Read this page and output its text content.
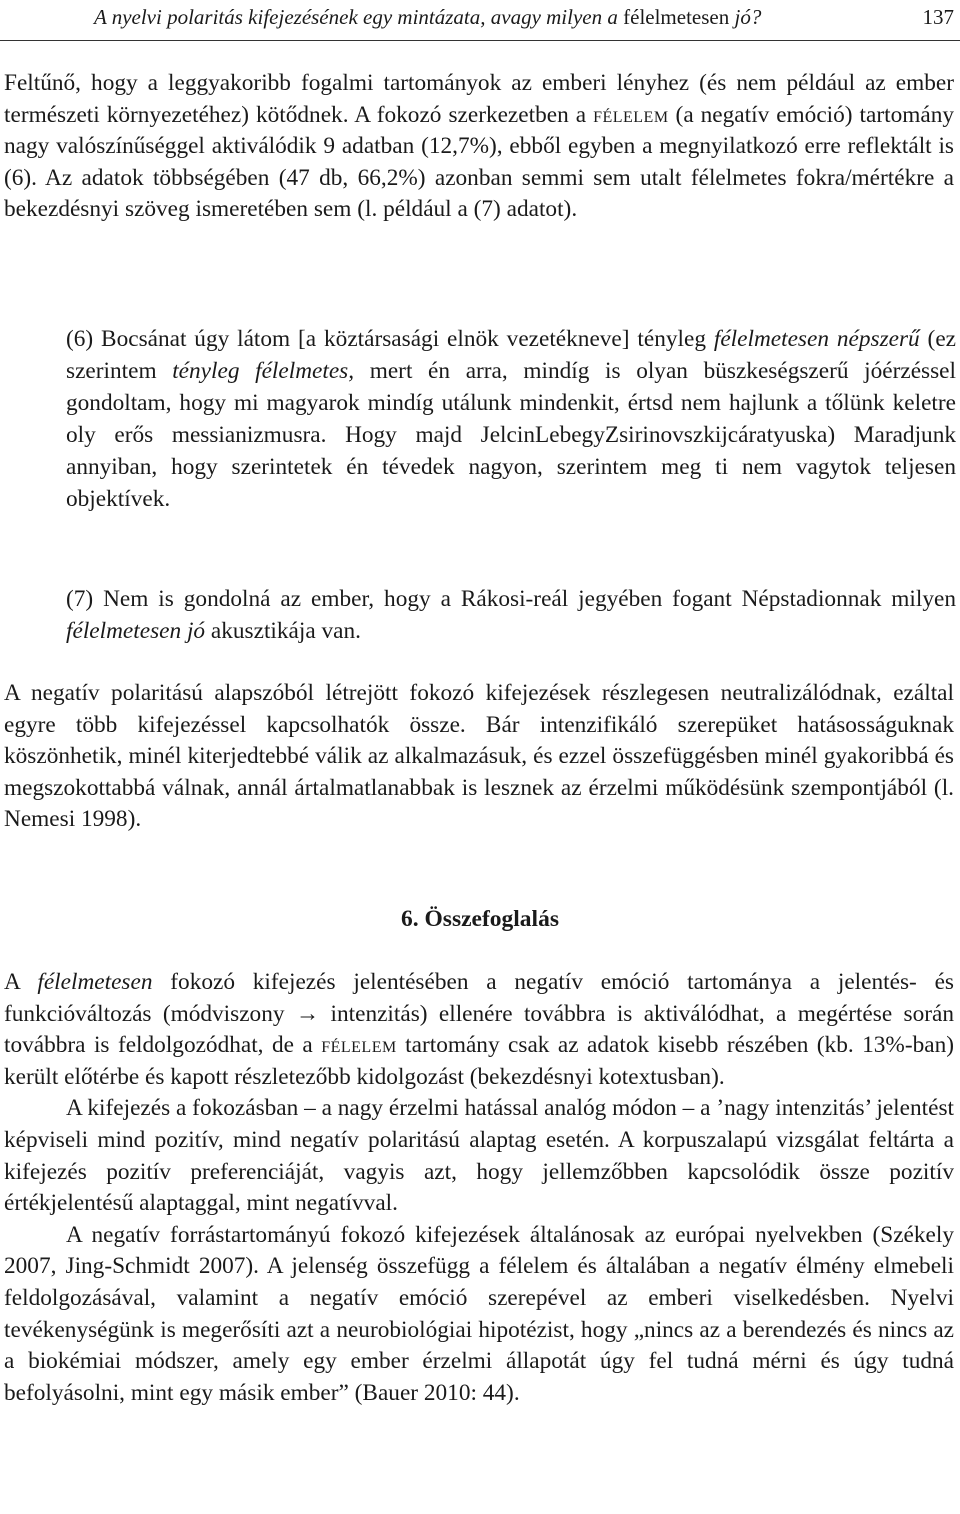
A nyelvi polaritás kifejezésének egy mintázata, avagy milyen a félelmetesen jó?	137

Feltűnő, hogy a leggyakoribb fogalmi tartományok az emberi lényhez (és nem például az ember természeti környezetéhez) kötődnek. A fokozó szerkezetben a félelem (a negatív emóció) tartomány nagy valószínűséggel aktiválódik 9 adatban (12,7%), ebből egyben a megnyilatkozó erre reflektált is (6). Az adatok többségében (47 db, 66,2%) azonban semmi sem utalt félelmetes fokra/mértékre a bekezdésnyi szöveg ismeretében sem (l. például a (7) adatot).

(6) Bocsánat úgy látom [a köztársasági elnök vezetékneve] tényleg félelmetesen népszerű (ez szerintem tényleg félelmetes, mert én arra, mindíg is olyan büszkeségszerű jóérzéssel gondoltam, hogy mi magyarok mindíg utálunk mindenkit, értsd nem hajlunk a tőlünk keletre oly erős messianizmusra. Hogy majd JelcinLebegyZsirinovszkijcáratyuska) Maradjunk annyiban, hogy szerintetek én tévedek nagyon, szerintem meg ti nem vagytok teljesen objektívek.

(7) Nem is gondolná az ember, hogy a Rákosi-reál jegyében fogant Népstadionnak milyen félelmetesen jó akusztikája van.

A negatív polaritású alapszóból létrejött fokozó kifejezések részlegesen neutralizálódnak, ezáltal egyre több kifejezéssel kapcsolhatók össze. Bár intenzifikáló szerepüket hatásosságuknak köszönhetik, minél kiterjedtebbé válik az alkalmazásuk, és ezzel összefüggésben minél gyakoribbá és megszokottabbá válnak, annál ártalmatlanabbak is lesznek az érzelmi működésünk szempontjából (l. Nemesi 1998).

6. Összefoglalás

A félelmetesen fokozó kifejezés jelentésében a negatív emóció tartománya a jelentés- és funkcióváltozás (módviszony → intenzitás) ellenére továbbra is aktiválódhat, a megértése során továbbra is feldolgozódhat, de a félelem tartomány csak az adatok kisebb részében (kb. 13%-ban) került előtérbe és kapott részletezőbb kidolgozást (bekezdésnyi kotextusban).

A kifejezés a fokozásban – a nagy érzelmi hatással analóg módon – a ’nagy intenzitás’ jelentést képviseli mind pozitív, mind negatív polaritású alaptag esetén. A korpuszalapú vizsgálat feltárta a kifejezés pozitív preferenciáját, vagyis azt, hogy jellemzőbben kapcsolódik össze pozitív értékjelentésű alaptaggal, mint negatívval.

A negatív forrástartományú fokozó kifejezések általánosak az európai nyelvekben (Székely 2007, Jing-Schmidt 2007). A jelenség összefügg a félelem és általában a negatív élmény elmebeli feldolgozásával, valamint a negatív emóció szerepével az emberi viselkedésben. Nyelvi tevékenységünk is megerősíti azt a neurobiológiai hipotézist, hogy „nincs az a berendezés és nincs az a biokémiai módszer, amely egy ember érzelmi állapotát úgy fel tudná mérni és úgy tudná befolyásolni, mint egy másik ember” (Bauer 2010: 44).
